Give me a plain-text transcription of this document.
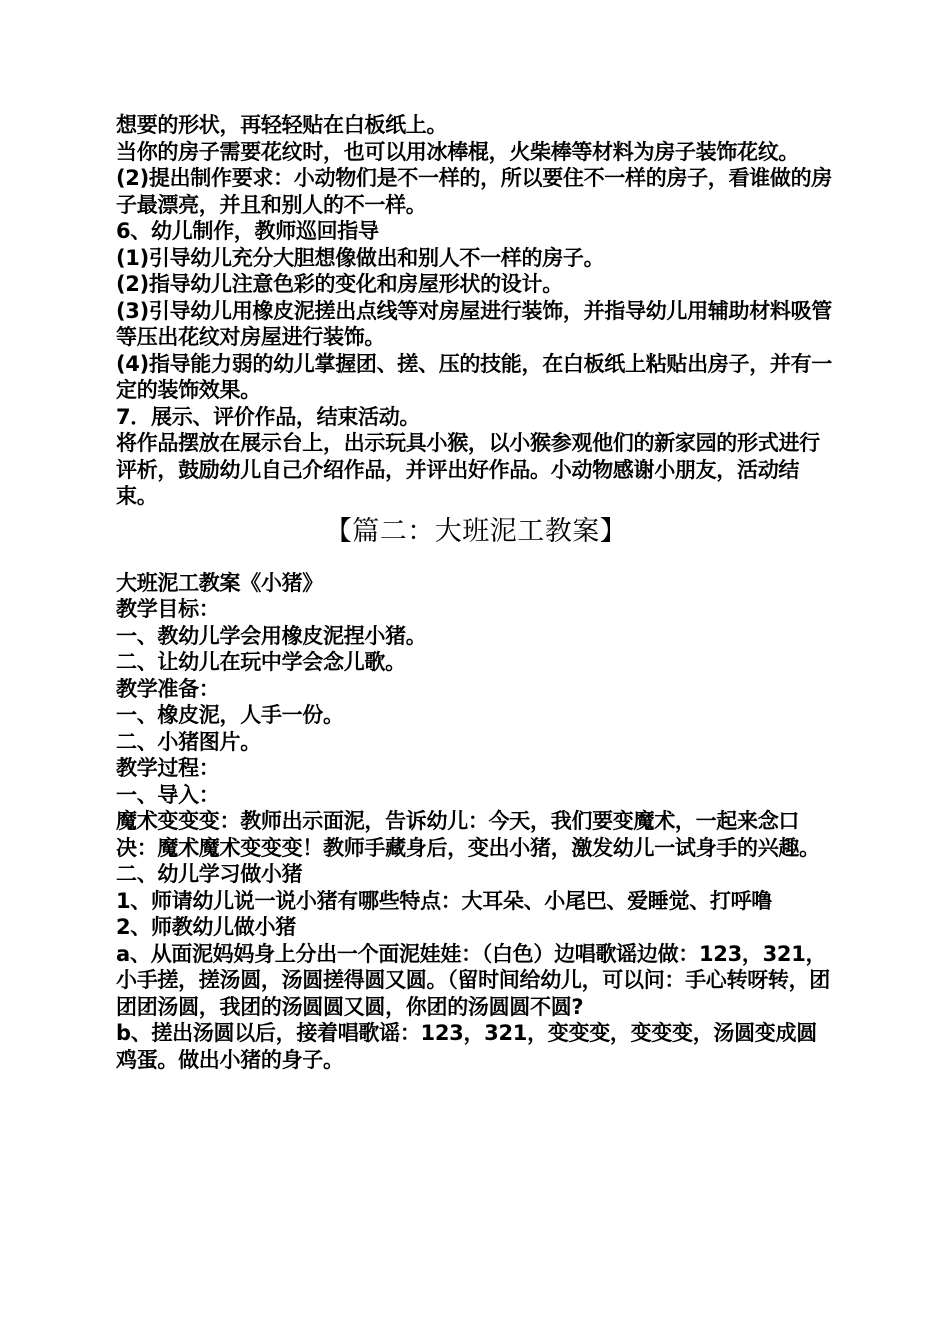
想要的形状，再轻轻贴在白板纸上。

当你的房子需要花纹时，也可以用冰棒棍，火柴棒等材料为房子装饰花纹。

(2)提出制作要求：小动物们是不一样的，所以要住不一样的房子，看谁做的房子最漂亮，并且和别人的不一样。

6、幼儿制作，教师巡回指导

(1)引导幼儿充分大胆想像做出和别人不一样的房子。

(2)指导幼儿注意色彩的变化和房屋形状的设计。

(3)引导幼儿用橡皮泥搓出点线等对房屋进行装饰，并指导幼儿用辅助材料吸管等压出花纹对房屋进行装饰。

(4)指导能力弱的幼儿掌握团、搓、压的技能，在白板纸上粘贴出房子，并有一定的装饰效果。

7．展示、评价作品，结束活动。

将作品摆放在展示台上，出示玩具小猴，以小猴参观他们的新家园的形式进行评析，鼓励幼儿自己介绍作品，并评出好作品。小动物感谢小朋友，活动结束。

【篇二：大班泥工教案】

大班泥工教案《小猪》

教学目标：

一、教幼儿学会用橡皮泥捏小猪。

二、让幼儿在玩中学会念儿歌。

教学准备：

一、橡皮泥，人手一份。

二、小猪图片。

教学过程：

一、导入：

魔术变变变：教师出示面泥，告诉幼儿：今天，我们要变魔术，一起来念口决：魔术魔术变变变！教师手藏身后，变出小猪，激发幼儿一试身手的兴趣。

二、幼儿学习做小猪

1、师请幼儿说一说小猪有哪些特点：大耳朵、小尾巴、爱睡觉、打呼噜

2、师教幼儿做小猪

a、从面泥妈妈身上分出一个面泥娃娃：（白色）边唱歌谣边做：123，321，小手搓，搓汤圆，汤圆搓得圆又圆。（留时间给幼儿，可以问：手心转呀转，团团团汤圆，我团的汤圆圆又圆，你团的汤圆圆不圆?

b、搓出汤圆以后，接着唱歌谣：123，321，变变变，变变变，汤圆变成圆鸡蛋。做出小猪的身子。
